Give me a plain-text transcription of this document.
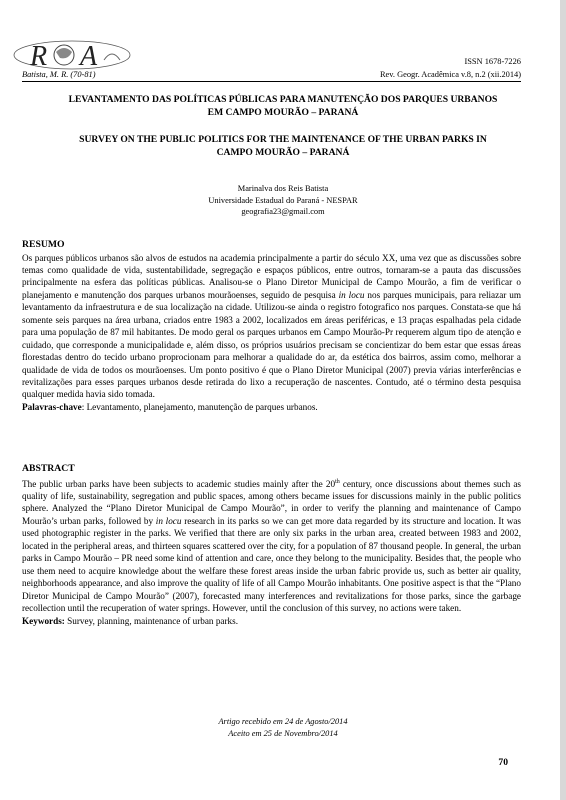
R A	ISSN 1678-7226
Batista, M. R. (70-81)	Rev. Geogr. Acadêmica v.8, n.2 (xii.2014)
LEVANTAMENTO DAS POLÍTICAS PÚBLICAS PARA MANUTENÇÃO DOS PARQUES URBANOS EM CAMPO MOURÃO – PARANÁ
SURVEY ON THE PUBLIC POLITICS FOR THE MAINTENANCE OF THE URBAN PARKS IN CAMPO MOURÃO – PARANÁ
Marinalva dos Reis Batista
Universidade Estadual do Paraná - NESPAR
geografia23@gmail.com
RESUMO

Os parques públicos urbanos são alvos de estudos na academia principalmente a partir do século XX, uma vez que as discussões sobre temas como qualidade de vida, sustentabilidade, segregação e espaços públicos, entre outros, tornaram-se a pauta das discussões principalmente na esfera das políticas públicas. Analisou-se o Plano Diretor Municipal de Campo Mourão, a fim de verificar o planejamento e manutenção dos parques urbanos mourãoenses, seguido de pesquisa in locu nos parques municipais, para reliazar um levantamento da infraestrutura e de sua localização na cidade. Utilizou-se ainda o registro fotografico nos parques. Constata-se que há somente seis parques na área urbana, criados entre 1983 a 2002, localizados em áreas periféricas, e 13 praças espalhadas pela cidade para uma população de 87 mil habitantes. De modo geral os parques urbanos em Campo Mourão-Pr requerem algum tipo de atenção e cuidado, que corresponde a municipalidade e, além disso, os próprios usuários precisam se concientizar do bem estar que essas áreas florestadas dentro do tecido urbano proprocionam para melhorar a qualidade do ar, da estética dos bairros, assim como, melhorar a qualidade de vida de todos os mourãoenses. Um ponto positivo é que o Plano Diretor Municipal (2007) previa várias interferências e revitalizações para esses parques urbanos desde retirada do lixo a recuperação de nascentes. Contudo, até o término desta pesquisa qualquer medida havia sido tomada.

Palavras-chave: Levantamento, planejamento, manutenção de parques urbanos.

ABSTRACT

The public urban parks have been subjects to academic studies mainly after the 20th century, once discussions about themes such as quality of life, sustainability, segregation and public spaces, among others became issues for discussions mainly in the public politics sphere. Analyzed the “Plano Diretor Municipal de Campo Mourão”, in order to verify the planning and maintenance of Campo Mourão’s urban parks, followed by in locu research in its parks so we can get more data regarded by its structure and location. It was used photographic register in the parks. We verified that there are only six parks in the urban area, created between 1983 and 2002, located in the peripheral areas, and thirteen squares scattered over the city, for a population of 87 thousand people. In general, the urban parks in Campo Mourão – PR need some kind of attention and care, once they belong to the municipality. Besides that, the people who use them need to acquire knowledge about the welfare these forest areas inside the urban fabric provide us, such as better air quality, neighborhoods appearance, and also improve the quality of life of all Campo Mourão inhabitants. One positive aspect is that the “Plano Diretor Municipal de Campo Mourão” (2007), forecasted many interferences and revitalizations for those parks, since the garbage recollection until the recuperation of water springs. However, until the conclusion of this survey, no actions were taken.

Keywords: Survey, planning, maintenance of urban parks.

Artigo recebido em 24 de Agosto/2014
Aceito em 25 de Novembro/2014
70
